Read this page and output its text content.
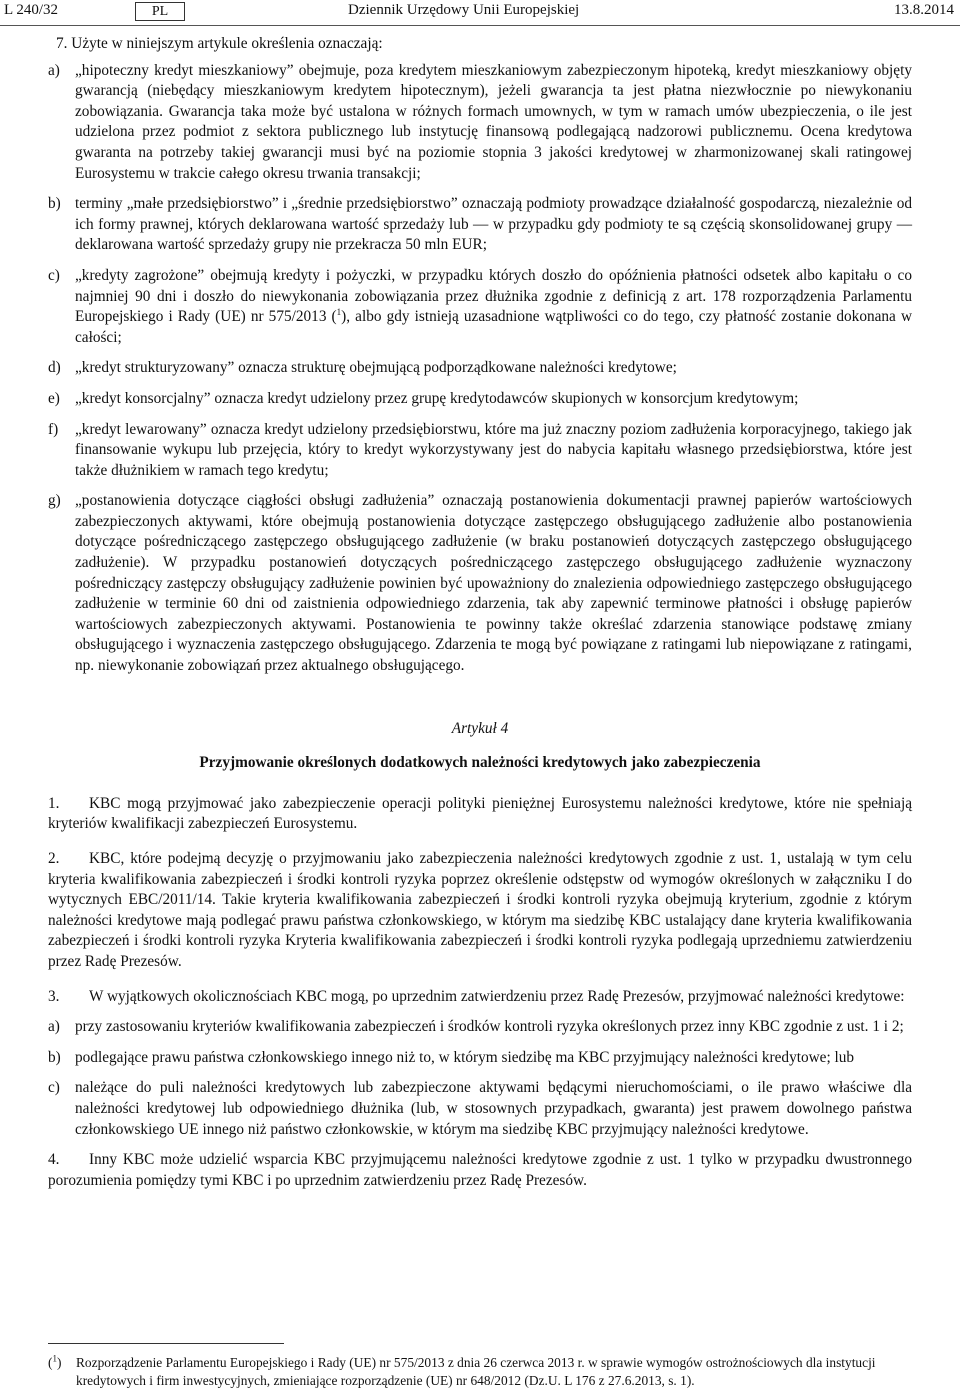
L 240/32	PL	Dziennik Urzędowy Unii Europejskiej	13.8.2014

7. Użyte w niniejszym artykule określenia oznaczają:

a) „hipoteczny kredyt mieszkaniowy” obejmuje, poza kredytem mieszkaniowym zabezpieczonym hipoteką, kredyt mieszkaniowy objęty gwarancją (niebędący mieszkaniowym kredytem hipotecznym), jeżeli gwarancja ta jest płatna niezwłocznie po niewykonaniu zobowiązania. Gwarancja taka może być ustalona w różnych formach umownych, w tym w ramach umów ubezpieczenia, o ile jest udzielona przez podmiot z sektora publicznego lub instytucję finansową podlegającą nadzorowi publicznemu. Ocena kredytowa gwaranta na potrzeby takiej gwarancji musi być na poziomie stopnia 3 jakości kredytowej w zharmonizowanej skali ratingowej Eurosystemu w trakcie całego okresu trwania transakcji;

b) terminy „małe przedsiębiorstwo” i „średnie przedsiębiorstwo” oznaczają podmioty prowadzące działalność gospodarczą, niezależnie od ich formy prawnej, których deklarowana wartość sprzedaży lub — w przypadku gdy podmioty te są częścią skonsolidowanej grupy — deklarowana wartość sprzedaży grupy nie przekracza 50 mln EUR;

c) „kredyty zagrożone” obejmują kredyty i pożyczki, w przypadku których doszło do opóźnienia płatności odsetek albo kapitału o co najmniej 90 dni i doszło do niewykonania zobowiązania przez dłużnika zgodnie z definicją z art. 178 rozporządzenia Parlamentu Europejskiego i Rady (UE) nr 575/2013 ($^1$), albo gdy istnieją uzasadnione wątpliwości co do tego, czy płatność zostanie dokonana w całości;

d) „kredyt strukturyzowany” oznacza strukturę obejmującą podporządkowane należności kredytowe;

e) „kredyt konsorcjalny” oznacza kredyt udzielony przez grupę kredytodawców skupionych w konsorcjum kredytowym;

f) „kredyt lewarowany” oznacza kredyt udzielony przedsiębiorstwu, które ma już znaczny poziom zadłużenia korporacyjnego, takiego jak finansowanie wykupu lub przejęcia, który to kredyt wykorzystywany jest do nabycia kapitału własnego przedsiębiorstwa, które jest także dłużnikiem w ramach tego kredytu;

g) „postanowienia dotyczące ciągłości obsługi zadłużenia” oznaczają postanowienia dokumentacji prawnej papierów wartościowych zabezpieczonych aktywami, które obejmują postanowienia dotyczące zastępczego obsługującego zadłużenie albo postanowienia dotyczące pośredniczącego zastępczego obsługującego zadłużenie (w braku postanowień dotyczących zastępczego obsługującego zadłużenie). W przypadku postanowień dotyczących pośredniczącego zastępczego obsługującego zadłużenie wyznaczony pośredniczący zastępczy obsługujący zadłużenie powinien być upoważniony do znalezienia odpowiedniego zastępczego obsługującego zadłużenie w terminie 60 dni od zaistnienia odpowiedniego zdarzenia, tak aby zapewnić terminowe płatności i obsługę papierów wartościowych zabezpieczonych aktywami. Postanowienia te powinny także określać zdarzenia stanowiące podstawę zmiany obsługującego i wyznaczenia zastępczego obsługującego. Zdarzenia te mogą być powiązane z ratingami lub niepowiązane z ratingami, np. niewykonanie zobowiązań przez aktualnego obsługującego.

Artykuł 4

Przyjmowanie określonych dodatkowych należności kredytowych jako zabezpieczenia

1. KBC mogą przyjmować jako zabezpieczenie operacji polityki pieniężnej Eurosystemu należności kredytowe, które nie spełniają kryteriów kwalifikacji zabezpieczeń Eurosystemu.

2. KBC, które podejmą decyzję o przyjmowaniu jako zabezpieczenia należności kredytowych zgodnie z ust. 1, ustalają w tym celu kryteria kwalifikowania zabezpieczeń i środki kontroli ryzyka poprzez określenie odstępstw od wymogów określonych w załączniku I do wytycznych EBC/2011/14. Takie kryteria kwalifikowania zabezpieczeń i środki kontroli ryzyka obejmują kryterium, zgodnie z którym należności kredytowe mają podlegać prawu państwa członkowskiego, w którym ma siedzibę KBC ustalający dane kryteria kwalifikowania zabezpieczeń i środki kontroli ryzyka Kryteria kwalifikowania zabezpieczeń i środki kontroli ryzyka podlegają uprzedniemu zatwierdzeniu przez Radę Prezesów.

3. W wyjątkowych okolicznościach KBC mogą, po uprzednim zatwierdzeniu przez Radę Prezesów, przyjmować należności kredytowe:

a) przy zastosowaniu kryteriów kwalifikowania zabezpieczeń i środków kontroli ryzyka określonych przez inny KBC zgodnie z ust. 1 i 2;

b) podlegające prawu państwa członkowskiego innego niż to, w którym siedzibę ma KBC przyjmujący należności kredytowe; lub

c) należące do puli należności kredytowych lub zabezpieczone aktywami będącymi nieruchomościami, o ile prawo właściwe dla należności kredytowej lub odpowiedniego dłużnika (lub, w stosownych przypadkach, gwaranta) jest prawem dowolnego państwa członkowskiego UE innego niż państwo członkowskie, w którym ma siedzibę KBC przyjmujący należności kredytowe.

4. Inny KBC może udzielić wsparcia KBC przyjmującemu należności kredytowe zgodnie z ust. 1 tylko w przypadku dwustronnego porozumienia pomiędzy tymi KBC i po uprzednim zatwierdzeniu przez Radę Prezesów.

($^1$)	Rozporządzenie Parlamentu Europejskiego i Rady (UE) nr 575/2013 z dnia 26 czerwca 2013 r. w sprawie wymogów ostrożnościowych dla instytucji kredytowych i firm inwestycyjnych, zmieniające rozporządzenie (UE) nr 648/2012 (Dz.U. L 176 z 27.6.2013, s. 1).
